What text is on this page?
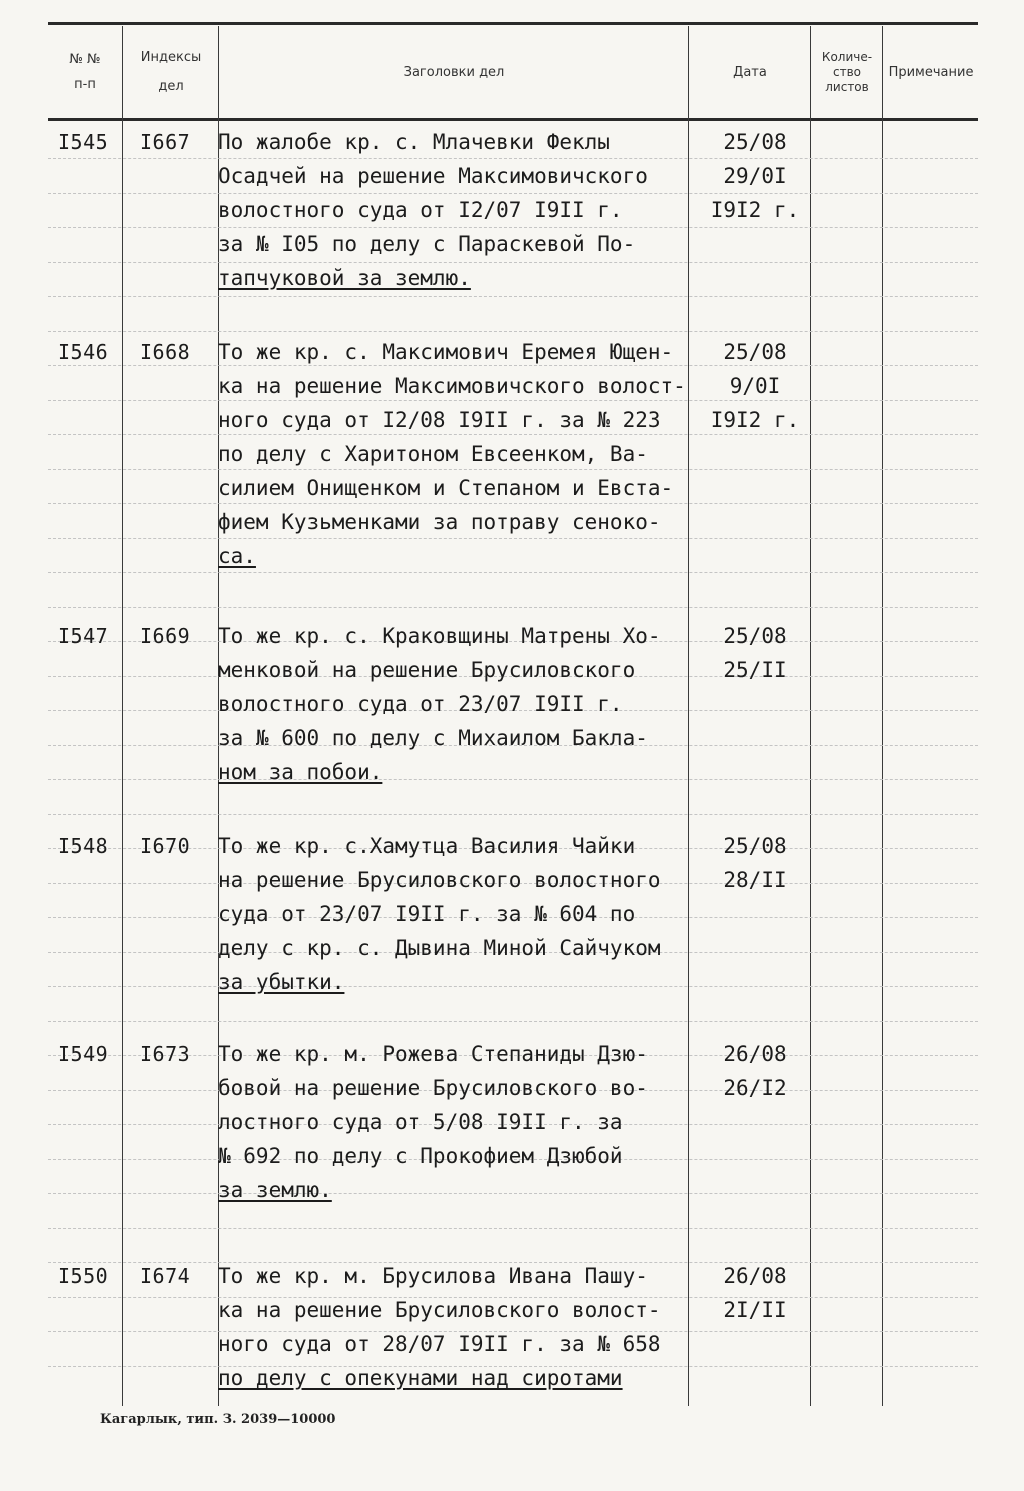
№ №
п-п
Индексы
дел
Заголовки дел	Дата
Количе-
ство
листов
Примечание
I545 I667 По жалобе кр. с. Млачевки Феклы
Осадчей на решение Максимовичского
волостного суда от I2/07 I9II г.
за № I05 по делу с Параскевой По-
тапчуковой за землю.
25/08
29/0I
I9I2 г.
I546 I668 То же кр. с. Максимович Еремея Ющен-
ка на решение Максимовичского волост-
ного суда от I2/08 I9II г. за № 223
по делу с Харитоном Евсеенком, Ва-
силием Онищенком и Степаном и Евста-
фием Кузьменками за потраву сеноко-
са.
25/08
9/0I
I9I2 г.
I547 I669 То же кр. с. Краковщины Матрены Хо-
менковой на решение Брусиловского
волостного суда от 23/07 I9II г.
за № 600 по делу с Михаилом Бакла-
ном за побои.
25/08
25/II
I548 I670 То же кр. с.Хамутца Василия Чайки
на решение Брусиловского волостного
суда от 23/07 I9II г. за № 604 по
делу с кр. с. Дывина Миной Сайчуком
за убытки.
25/08
28/II
I549 I673 То же кр. м. Рожева Степаниды Дзю-
бовой на решение Брусиловского во-
лостного суда от 5/08 I9II г. за
№ 692 по делу с Прокофием Дзюбой
за землю.
26/08
26/I2
I550 I674 То же кр. м. Брусилова Ивана Пашу-
ка на решение Брусиловского волост-
ного суда от 28/07 I9II г. за № 658
по делу с опекунами над сиротами
26/08
2I/II
Кагарлык, тип. З. 2039—10000
